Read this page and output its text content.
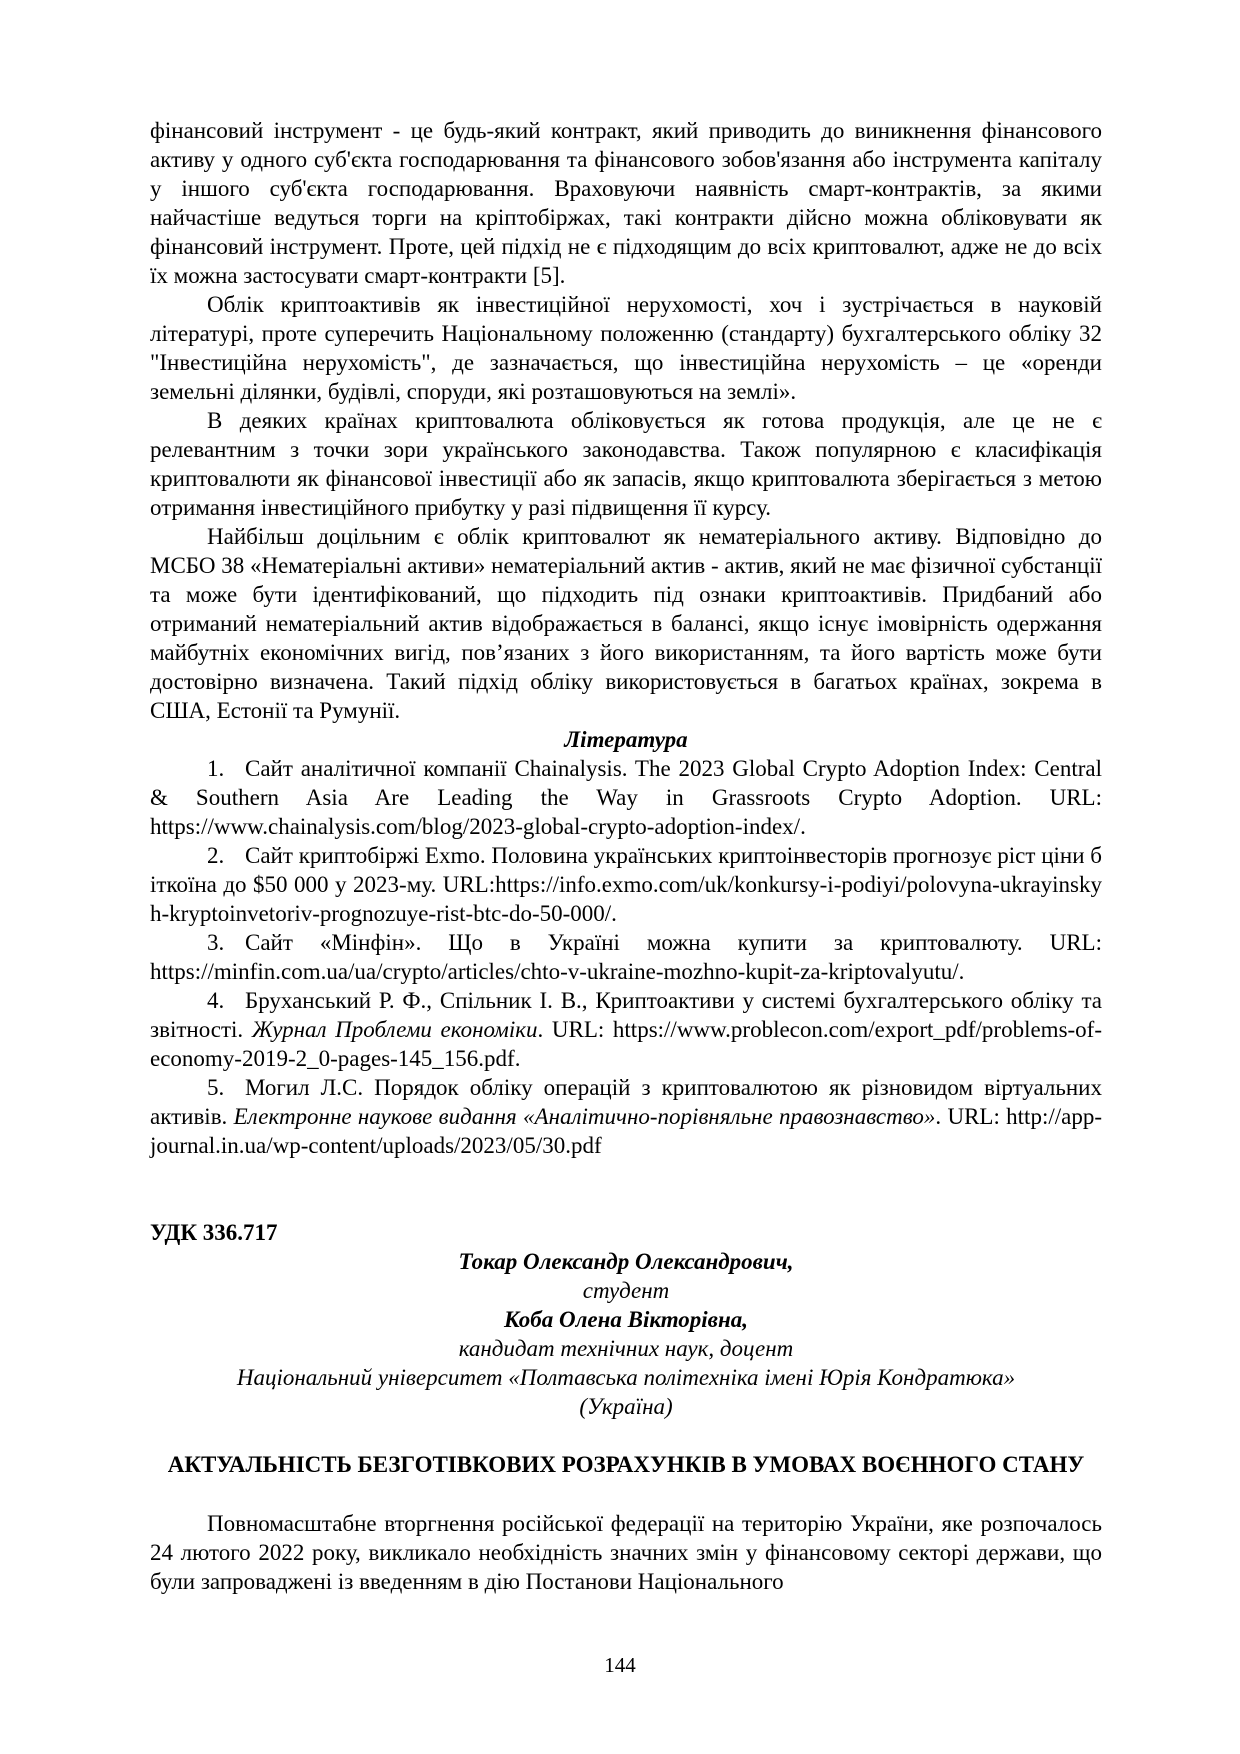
фінансовий інструмент - це будь-який контракт, який приводить до виникнення фінансового активу у одного суб'єкта господарювання та фінансового зобов'язання або інструмента капіталу у іншого суб'єкта господарювання. Враховуючи наявність смарт-контрактів, за якими найчастіше ведуться торги на кріптобіржах, такі контракти дійсно можна обліковувати як фінансовий інструмент. Проте, цей підхід не є підходящим до всіх криптовалют, адже не до всіх їх можна застосувати смарт-контракти [5].

Облік криптоактивів як інвестиційної нерухомості, хоч і зустрічається в науковій літературі, проте суперечить Національному положенню (стандарту) бухгалтерського обліку 32 "Інвестиційна нерухомість", де зазначається, що інвестиційна нерухомість – це «оренди земельні ділянки, будівлі, споруди, які розташовуються на землі».

В деяких країнах криптовалюта обліковується як готова продукція, але це не є релевантним з точки зори українського законодавства. Також популярною є класифікація криптовалюти як фінансової інвестиції або як запасів, якщо криптовалюта зберігається з метою отримання інвестиційного прибутку у разі підвищення її курсу.

Найбільш доцільним є облік криптовалют як нематеріального активу. Відповідно до МСБО 38 «Нематеріальні активи» нематеріальний актив - актив, який не має фізичної субстанції та може бути ідентифікований, що підходить під ознаки криптоактивів. Придбаний або отриманий нематеріальний актив відображається в балансі, якщо існує імовірність одержання майбутніх економічних вигід, пов’язаних з його використанням, та його вартість може бути достовірно визначена. Такий підхід обліку використовується в багатьох країнах, зокрема в США, Естонії та Румунії.

Література

1. Сайт аналітичної компанії Chainalysis. The 2023 Global Crypto Adoption Index: Central & Southern Asia Are Leading the Way in Grassroots Crypto Adoption. URL: https://www.chainalysis.com/blog/2023-global-crypto-adoption-index/.

2. Сайт криптобіржі Exmo. Половина українських криптоінвесторів прогнозує ріст ціни біткоїна до $50 000 у 2023-му. URL:https://info.exmo.com/uk/konkursy-i-podiyi/polovyna-ukrayinskyh-kryptoinvetoriv-prognozuye-rist-btc-do-50-000/.

3. Сайт «Мінфін». Що в Україні можна купити за криптовалюту. URL: https://minfin.com.ua/ua/crypto/articles/chto-v-ukraine-mozhno-kupit-za-kriptovalyutu/.

4. Бруханський Р. Ф., Спільник І. В., Криптоактиви у системі бухгалтерського обліку та звітності. Журнал Проблеми економіки. URL: https://www.problecon.com/export_pdf/problems-of-economy-2019-2_0-pages-145_156.pdf.

5. Могил Л.С. Порядок обліку операцій з криптовалютою як різновидом віртуальних активів. Електронне наукове видання «Аналітично-порівняльне правознавство». URL: http://app-journal.in.ua/wp-content/uploads/2023/05/30.pdf

УДК 336.717

Токар Олександр Олександрович,

студент

Коба Олена Вікторівна,

кандидат технічних наук, доцент

Національний університет «Полтавська політехніка імені Юрія Кондратюка»

(Україна)

АКТУАЛЬНІСТЬ БЕЗГОТІВКОВИХ РОЗРАХУНКІВ В УМОВАХ ВОЄННОГО СТАНУ

Повномасштабне вторгнення російської федерації на територію України, яке розпочалось 24 лютого 2022 року, викликало необхідність значних змін у фінансовому секторі держави, що були запроваджені із введенням в дію Постанови Національного

144
